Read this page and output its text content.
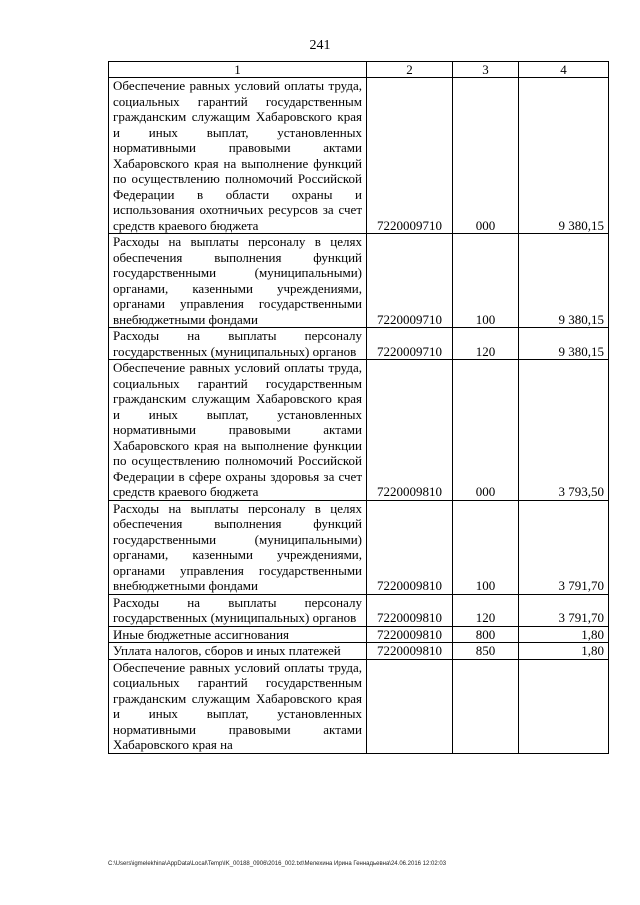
241
1	2	3	4
Обеспечение равных условий оплаты труда, социальных гарантий государственным гражданским служащим Хабаровского края и иных выплат, установленных нормативными правовыми актами Хабаровского края на выполнение функций по осуществлению полномочий Российской Федерации в области охраны и использования охотничьих ресурсов за счет средств краевого бюджета	7220009710	000	9 380,15
Расходы на выплаты персоналу в целях обеспечения выполнения функций государственными (муниципальными) органами, казенными учреждениями, органами управления государственными внебюджетными фондами	7220009710	100	9 380,15
Расходы на выплаты персоналу государственных (муниципальных) органов	7220009710	120	9 380,15
Обеспечение равных условий оплаты труда, социальных гарантий государственным гражданским служащим Хабаровского края и иных выплат, установленных нормативными правовыми актами Хабаровского края на выполнение функции по осуществлению полномочий Российской Федерации в сфере охраны здоровья за счет средств краевого бюджета	7220009810	000	3 793,50
Расходы на выплаты персоналу в целях обеспечения выполнения функций государственными (муниципальными) органами, казенными учреждениями, органами управления государственными внебюджетными фондами	7220009810	100	3 791,70
Расходы на выплаты персоналу государственных (муниципальных) органов	7220009810	120	3 791,70
Иные бюджетные ассигнования	7220009810	800	1,80
Уплата налогов, сборов и иных платежей	7220009810	850	1,80
Обеспечение равных условий оплаты труда, социальных гарантий государственным гражданским служащим Хабаровского края и иных выплат, установленных нормативными правовыми актами Хабаровского края на			
C:\Users\igmelekhina\AppData\Local\Temp\IK_00188_0906\2016_002.txt\Мелехина Ирина Геннадьевна\24.06.2016 12:02:03
